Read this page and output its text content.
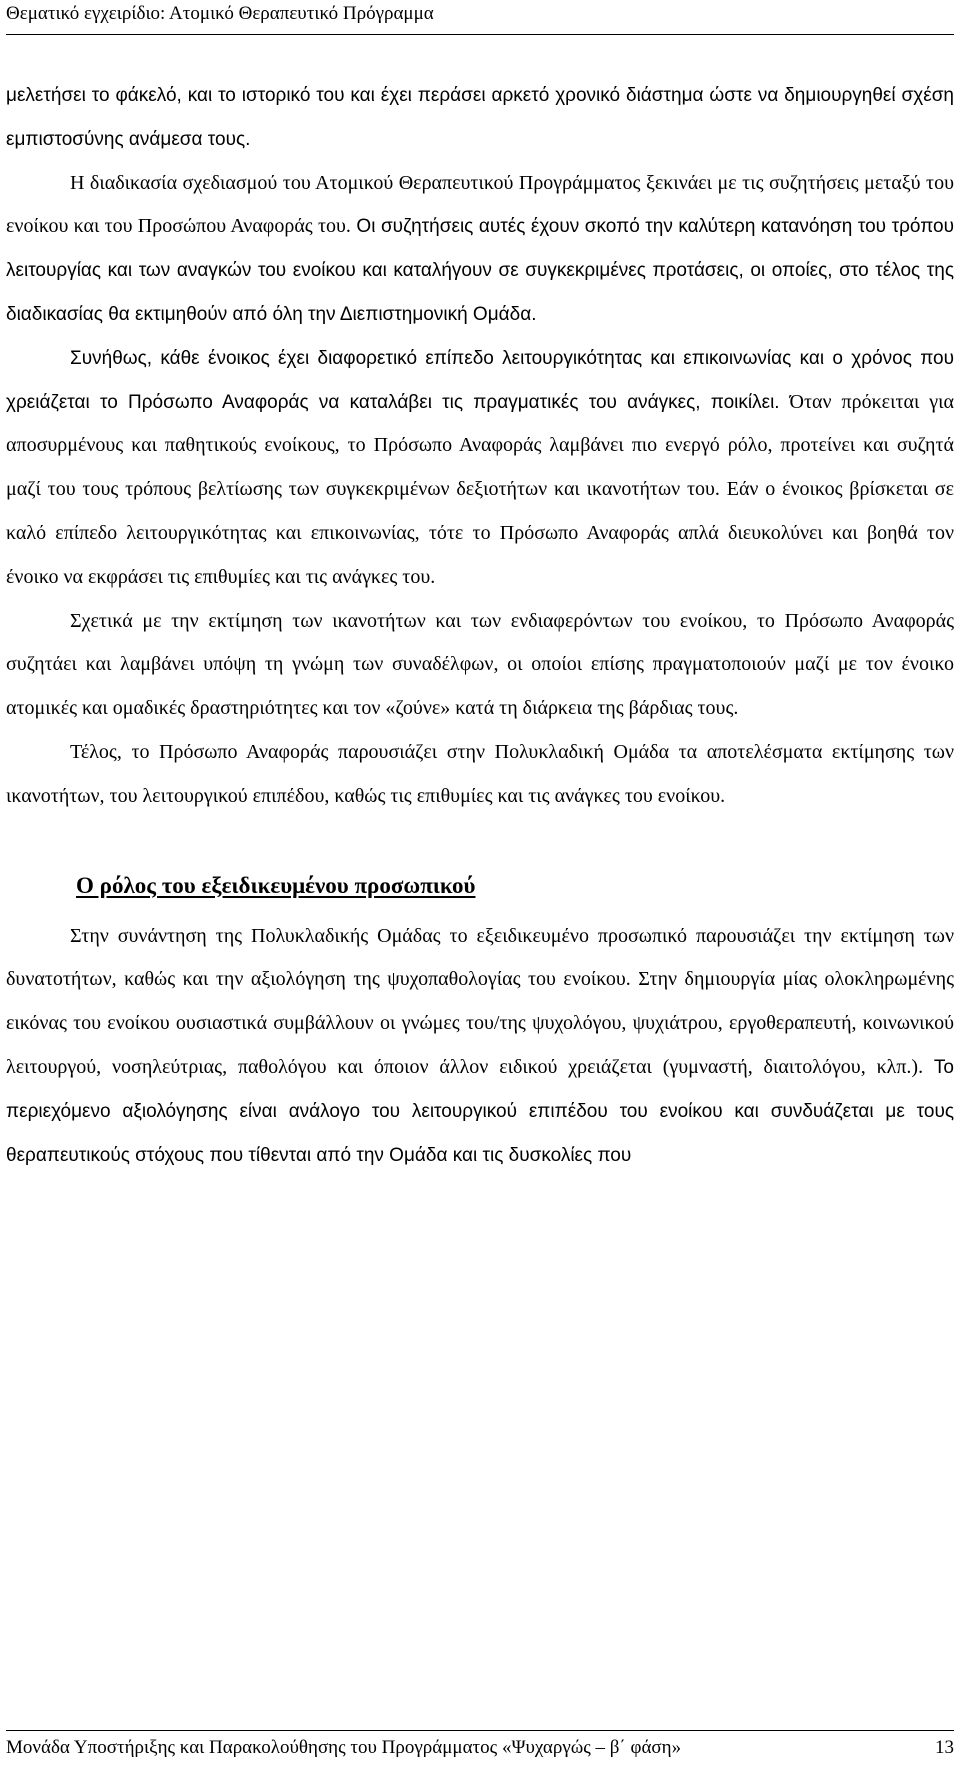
Θεματικό εγχειρίδιο: Ατομικό Θεραπευτικό Πρόγραμμα

μελετήσει το φάκελό, και το ιστορικό του και έχει περάσει αρκετό χρονικό διάστημα ώστε να δημιουργηθεί σχέση εμπιστοσύνης ανάμεσα τους.

Η διαδικασία σχεδιασμού του Ατομικού Θεραπευτικού Προγράμματος ξεκινάει με τις συζητήσεις μεταξύ του ενοίκου και του Προσώπου Αναφοράς του. Οι συζητήσεις αυτές έχουν σκοπό την καλύτερη κατανόηση του τρόπου λειτουργίας και των αναγκών του ενοίκου και καταλήγουν σε συγκεκριμένες προτάσεις, οι οποίες, στο τέλος της διαδικασίας θα εκτιμηθούν από όλη την Διεπιστημονική Ομάδα.

Συνήθως, κάθε ένοικος έχει διαφορετικό επίπεδο λειτουργικότητας και επικοινωνίας και ο χρόνος που χρειάζεται το Πρόσωπο Αναφοράς να καταλάβει τις πραγματικές του ανάγκες, ποικίλει. Όταν πρόκειται για αποσυρμένους και παθητικούς ενοίκους, το Πρόσωπο Αναφοράς λαμβάνει πιο ενεργό ρόλο, προτείνει και συζητά μαζί του τους τρόπους βελτίωσης των συγκεκριμένων δεξιοτήτων και ικανοτήτων του. Εάν ο ένοικος βρίσκεται σε καλό επίπεδο λειτουργικότητας και επικοινωνίας, τότε το Πρόσωπο Αναφοράς απλά διευκολύνει και βοηθά τον ένοικο να εκφράσει τις επιθυμίες και τις ανάγκες του.

Σχετικά με την εκτίμηση των ικανοτήτων και των ενδιαφερόντων του ενοίκου, το Πρόσωπο Αναφοράς συζητάει και λαμβάνει υπόψη τη γνώμη των συναδέλφων, οι οποίοι επίσης πραγματοποιούν μαζί με τον ένοικο ατομικές και ομαδικές δραστηριότητες και τον «ζούνε» κατά τη διάρκεια της βάρδιας τους.

Τέλος, το Πρόσωπο Αναφοράς παρουσιάζει στην Πολυκλαδική Ομάδα τα αποτελέσματα εκτίμησης των ικανοτήτων, του λειτουργικού επιπέδου, καθώς τις επιθυμίες και τις ανάγκες του ενοίκου.

Ο ρόλος του εξειδικευμένου προσωπικού

Στην συνάντηση της Πολυκλαδικής Ομάδας το εξειδικευμένο προσωπικό παρουσιάζει την εκτίμηση των δυνατοτήτων, καθώς και την αξιολόγηση της ψυχοπαθολογίας του ενοίκου. Στην δημιουργία μίας ολοκληρωμένης εικόνας του ενοίκου ουσιαστικά συμβάλλουν οι γνώμες του/της ψυχολόγου, ψυχιάτρου, εργοθεραπευτή, κοινωνικού λειτουργού, νοσηλεύτριας, παθολόγου και όποιον άλλον ειδικού χρειάζεται (γυμναστή, διαιτολόγου, κλπ.). Το περιεχόμενο αξιολόγησης είναι ανάλογο του λειτουργικού επιπέδου του ενοίκου και συνδυάζεται με τους θεραπευτικούς στόχους που τίθενται από την Ομάδα και τις δυσκολίες που

Μονάδα Υποστήριξης και Παρακολούθησης του Προγράμματος «Ψυχαργώς – β΄ φάση»	13
